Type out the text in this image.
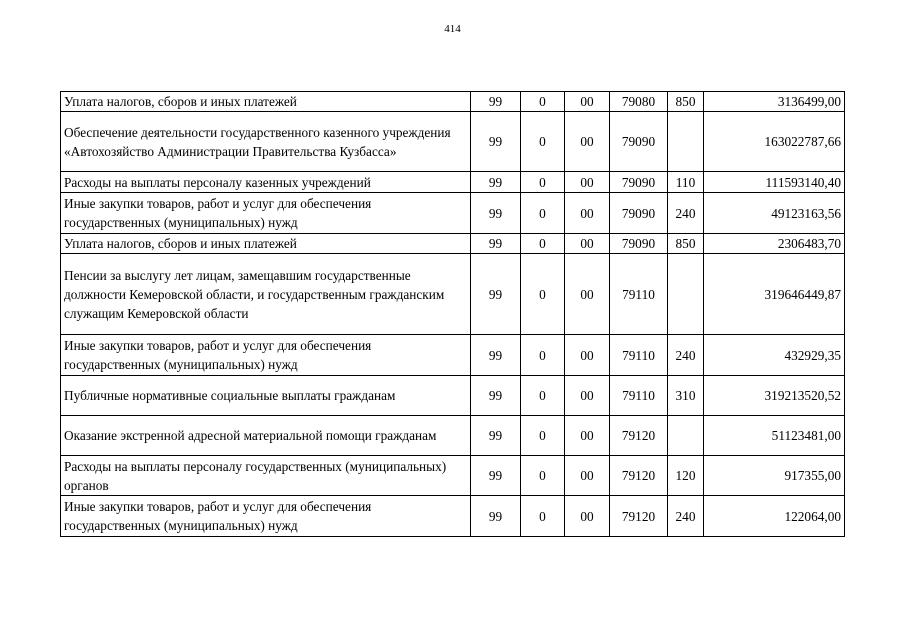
414
Уплата налогов, сборов и иных платежей	99	0	00	79080	850	3136499,00
Обеспечение деятельности государственного казенного учреждения «Автохозяйство Администрации Правительства Кузбасса»	99	0	00	79090		163022787,66
Расходы на выплаты персоналу казенных учреждений	99	0	00	79090	110	111593140,40
Иные закупки товаров, работ и услуг для обеспечения государственных (муниципальных) нужд	99	0	00	79090	240	49123163,56
Уплата налогов, сборов и иных платежей	99	0	00	79090	850	2306483,70
Пенсии за выслугу лет лицам, замещавшим государственные должности Кемеровской области, и государственным гражданским служащим Кемеровской области	99	0	00	79110		319646449,87
Иные закупки товаров, работ и услуг для обеспечения государственных (муниципальных) нужд	99	0	00	79110	240	432929,35
Публичные нормативные социальные выплаты гражданам	99	0	00	79110	310	319213520,52
Оказание экстренной адресной материальной помощи гражданам	99	0	00	79120		51123481,00
Расходы на выплаты персоналу государственных (муниципальных) органов	99	0	00	79120	120	917355,00
Иные закупки товаров, работ и услуг для обеспечения государственных (муниципальных) нужд	99	0	00	79120	240	122064,00
